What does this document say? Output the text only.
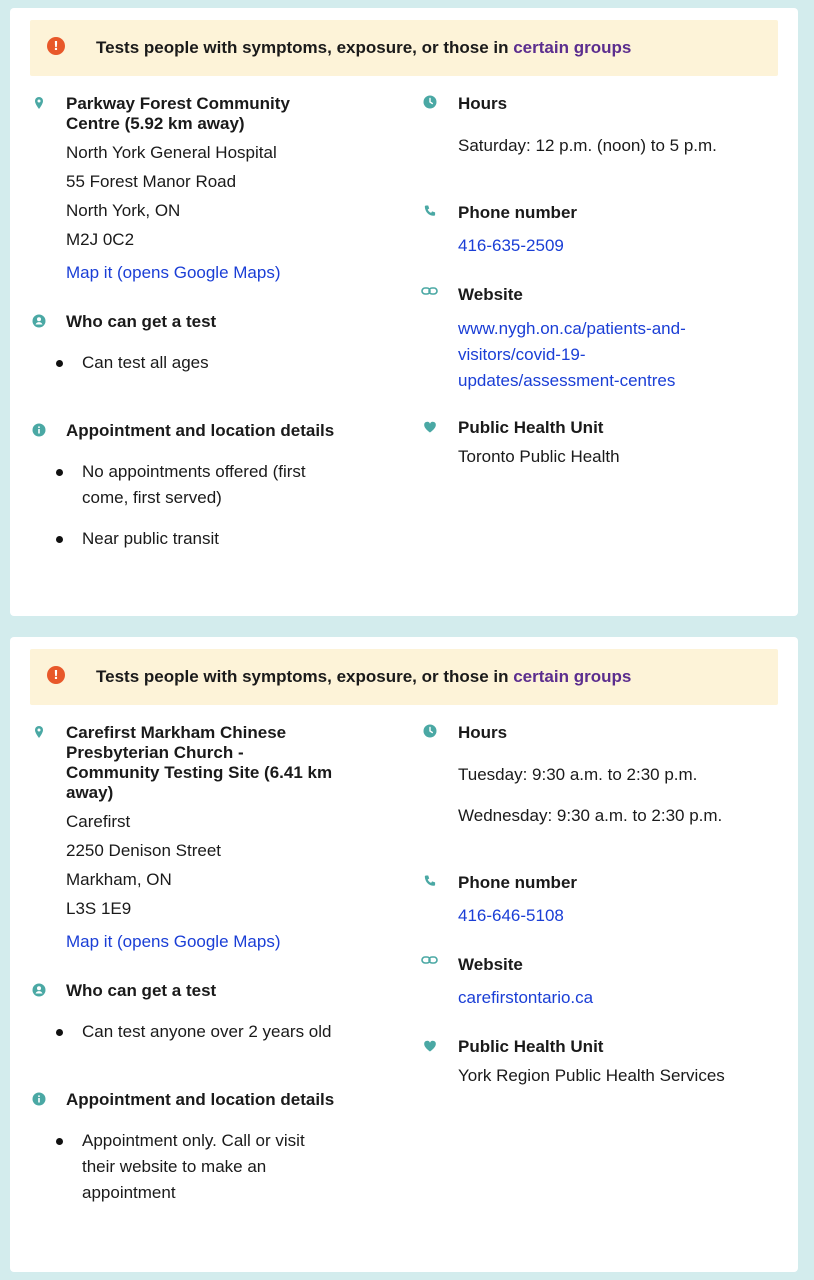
!	Tests people with symptoms, exposure, or those in certain groups
Parkway Forest Community
Centre (5.92 km away)
North York General Hospital
55 Forest Manor Road
North York, ON
M2J 0C2
Map it (opens Google Maps)
Who can get a test
Can test all ages
Appointment and location details
No appointments offered (first
come, first served)
Near public transit
Hours
Saturday: 12 p.m. (noon) to 5 p.m.
Phone number
416-635-2509
Website
www.nygh.on.ca/patients-and-
visitors/covid-19-
updates/assessment-centres
Public Health Unit
Toronto Public Health
!	Tests people with symptoms, exposure, or those in certain groups
Carefirst Markham Chinese
Presbyterian Church -
Community Testing Site (6.41 km
away)
Carefirst
2250 Denison Street
Markham, ON
L3S 1E9
Map it (opens Google Maps)
Who can get a test
Can test anyone over 2 years old
Appointment and location details
Appointment only. Call or visit
their website to make an
appointment
Hours
Tuesday: 9:30 a.m. to 2:30 p.m.
Wednesday: 9:30 a.m. to 2:30 p.m.
Phone number
416-646-5108
Website
carefirstontario.ca
Public Health Unit
York Region Public Health Services
